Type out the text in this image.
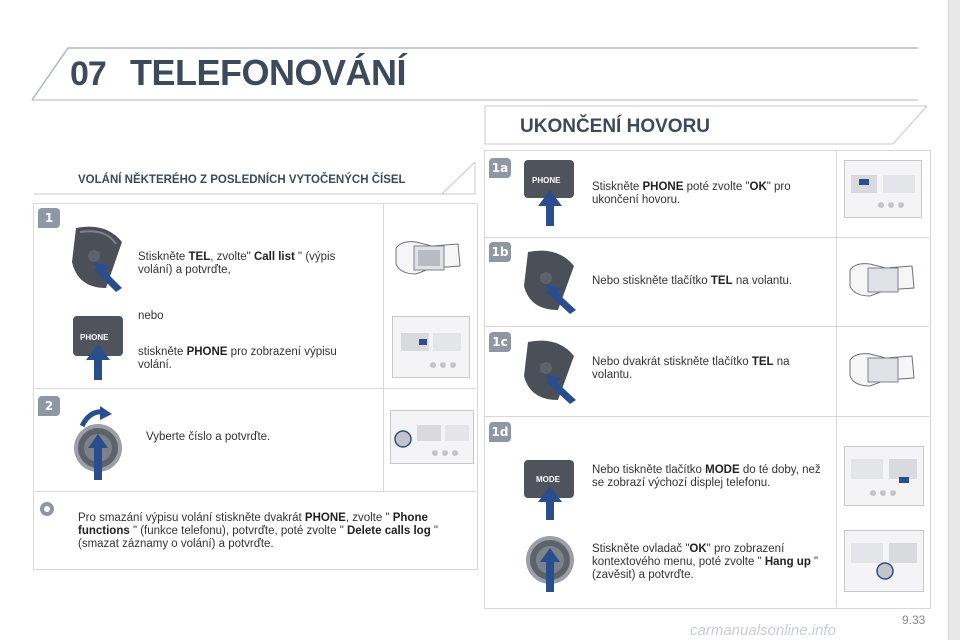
07 TELEFONOVÁNÍ
VOLÁNÍ NĚKTERÉHO Z POSLEDNÍCH VYTOČENÝCH ČÍSEL
UKONČENÍ HOVORU
1
Stiskněte TEL, zvolte" Call list " (výpis volání) a potvrďte,
nebo
PHONE
stiskněte PHONE pro zobrazení výpisu volání.
2
Vyberte číslo a potvrďte.
Pro smazání výpisu volání stiskněte dvakrát PHONE, zvolte " Phone functions " (funkce telefonu), potvrďte, poté zvolte " Delete calls log " (smazat záznamy o volání) a potvrďte.
1a
PHONE
Stiskněte PHONE poté zvolte "OK" pro ukončení hovoru.
1b
Nebo stiskněte tlačítko TEL na volantu.
1c
Nebo dvakrát stiskněte tlačítko TEL na volantu.
1d
MODE
Nebo tiskněte tlačítko MODE do té doby, než se zobrazí výchozí displej telefonu.
Stiskněte ovladač "OK" pro zobrazení kontextového menu, poté zvolte " Hang up " (zavěsit) a potvrďte.
9.33
carmanualsonline.info
